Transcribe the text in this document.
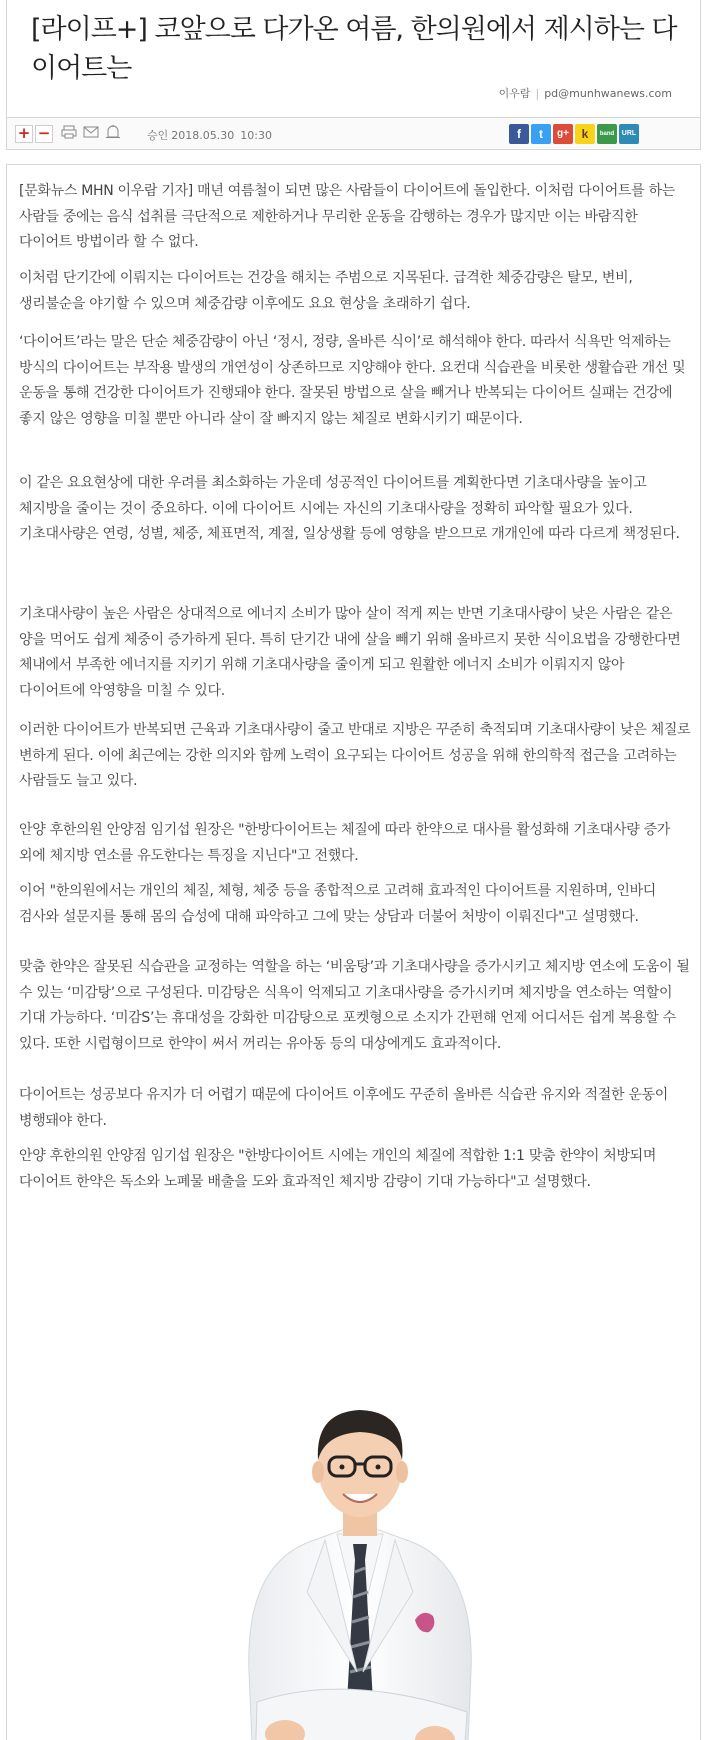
[라이프+] 코앞으로 다가온 여름, 한의원에서 제시하는 다이어트는
이우람 | pd@munhwanews.com
+ −	승인 2018.05.30 10:30	f	t	g+	k	band	URL

[문화뉴스 MHN 이우람 기자] 매년 여름철이 되면 많은 사람들이 다이어트에 돌입한다. 이처럼 다이어트를 하는 사람들 중에는 음식 섭취를 극단적으로 제한하거나 무리한 운동을 감행하는 경우가 많지만 이는 바람직한 다이어트 방법이라 할 수 없다.

이처럼 단기간에 이뤄지는 다이어트는 건강을 해치는 주범으로 지목된다. 급격한 체중감량은 탈모, 변비, 생리불순을 야기할 수 있으며 체중감량 이후에도 요요 현상을 초래하기 쉽다.

‘다이어트’라는 말은 단순 체중감량이 아닌 ‘정시, 정량, 올바른 식이’로 해석해야 한다. 따라서 식욕만 억제하는 방식의 다이어트는 부작용 발생의 개연성이 상존하므로 지양해야 한다. 요컨대 식습관을 비롯한 생활습관 개선 및 운동을 통해 건강한 다이어트가 진행돼야 한다. 잘못된 방법으로 살을 빼거나 반복되는 다이어트 실패는 건강에 좋지 않은 영향을 미칠 뿐만 아니라 살이 잘 빠지지 않는 체질로 변화시키기 때문이다.

이 같은 요요현상에 대한 우려를 최소화하는 가운데 성공적인 다이어트를 계획한다면 기초대사량을 높이고 체지방을 줄이는 것이 중요하다. 이에 다이어트 시에는 자신의 기초대사량을 정확히 파악할 필요가 있다. 기초대사량은 연령, 성별, 체중, 체표면적, 계절, 일상생활 등에 영향을 받으므로 개개인에 따라 다르게 책정된다.

기초대사량이 높은 사람은 상대적으로 에너지 소비가 많아 살이 적게 찌는 반면 기초대사량이 낮은 사람은 같은 양을 먹어도 쉽게 체중이 증가하게 된다. 특히 단기간 내에 살을 빼기 위해 올바르지 못한 식이요법을 강행한다면 체내에서 부족한 에너지를 지키기 위해 기초대사량을 줄이게 되고 원활한 에너지 소비가 이뤄지지 않아 다이어트에 악영향을 미칠 수 있다.

이러한 다이어트가 반복되면 근육과 기초대사량이 줄고 반대로 지방은 꾸준히 축적되며 기초대사량이 낮은 체질로 변하게 된다. 이에 최근에는 강한 의지와 함께 노력이 요구되는 다이어트 성공을 위해 한의학적 접근을 고려하는 사람들도 늘고 있다.

안양 후한의원 안양점 임기섭 원장은 "한방다이어트는 체질에 따라 한약으로 대사를 활성화해 기초대사량 증가 외에 체지방 연소를 유도한다는 특징을 지닌다"고 전했다.

이어 "한의원에서는 개인의 체질, 체형, 체중 등을 종합적으로 고려해 효과적인 다이어트를 지원하며, 인바디 검사와 설문지를 통해 몸의 습성에 대해 파악하고 그에 맞는 상담과 더불어 처방이 이뤄진다"고 설명했다.

맞춤 한약은 잘못된 식습관을 교정하는 역할을 하는 ‘비움탕’과 기초대사량을 증가시키고 체지방 연소에 도움이 될 수 있는 ‘미감탕’으로 구성된다. 미감탕은 식욕이 억제되고 기초대사량을 증가시키며 체지방을 연소하는 역할이 기대 가능하다. ‘미감S’는 휴대성을 강화한 미감탕으로 포켓형으로 소지가 간편해 언제 어디서든 쉽게 복용할 수 있다. 또한 시럽형이므로 한약이 써서 꺼리는 유아동 등의 대상에게도 효과적이다.

다이어트는 성공보다 유지가 더 어렵기 때문에 다이어트 이후에도 꾸준히 올바른 식습관 유지와 적절한 운동이 병행돼야 한다.

안양 후한의원 안양점 임기섭 원장은 "한방다이어트 시에는 개인의 체질에 적합한 1:1 맞춤 한약이 처방되며 다이어트 한약은 독소와 노폐물 배출을 도와 효과적인 체지방 감량이 기대 가능하다"고 설명했다.
